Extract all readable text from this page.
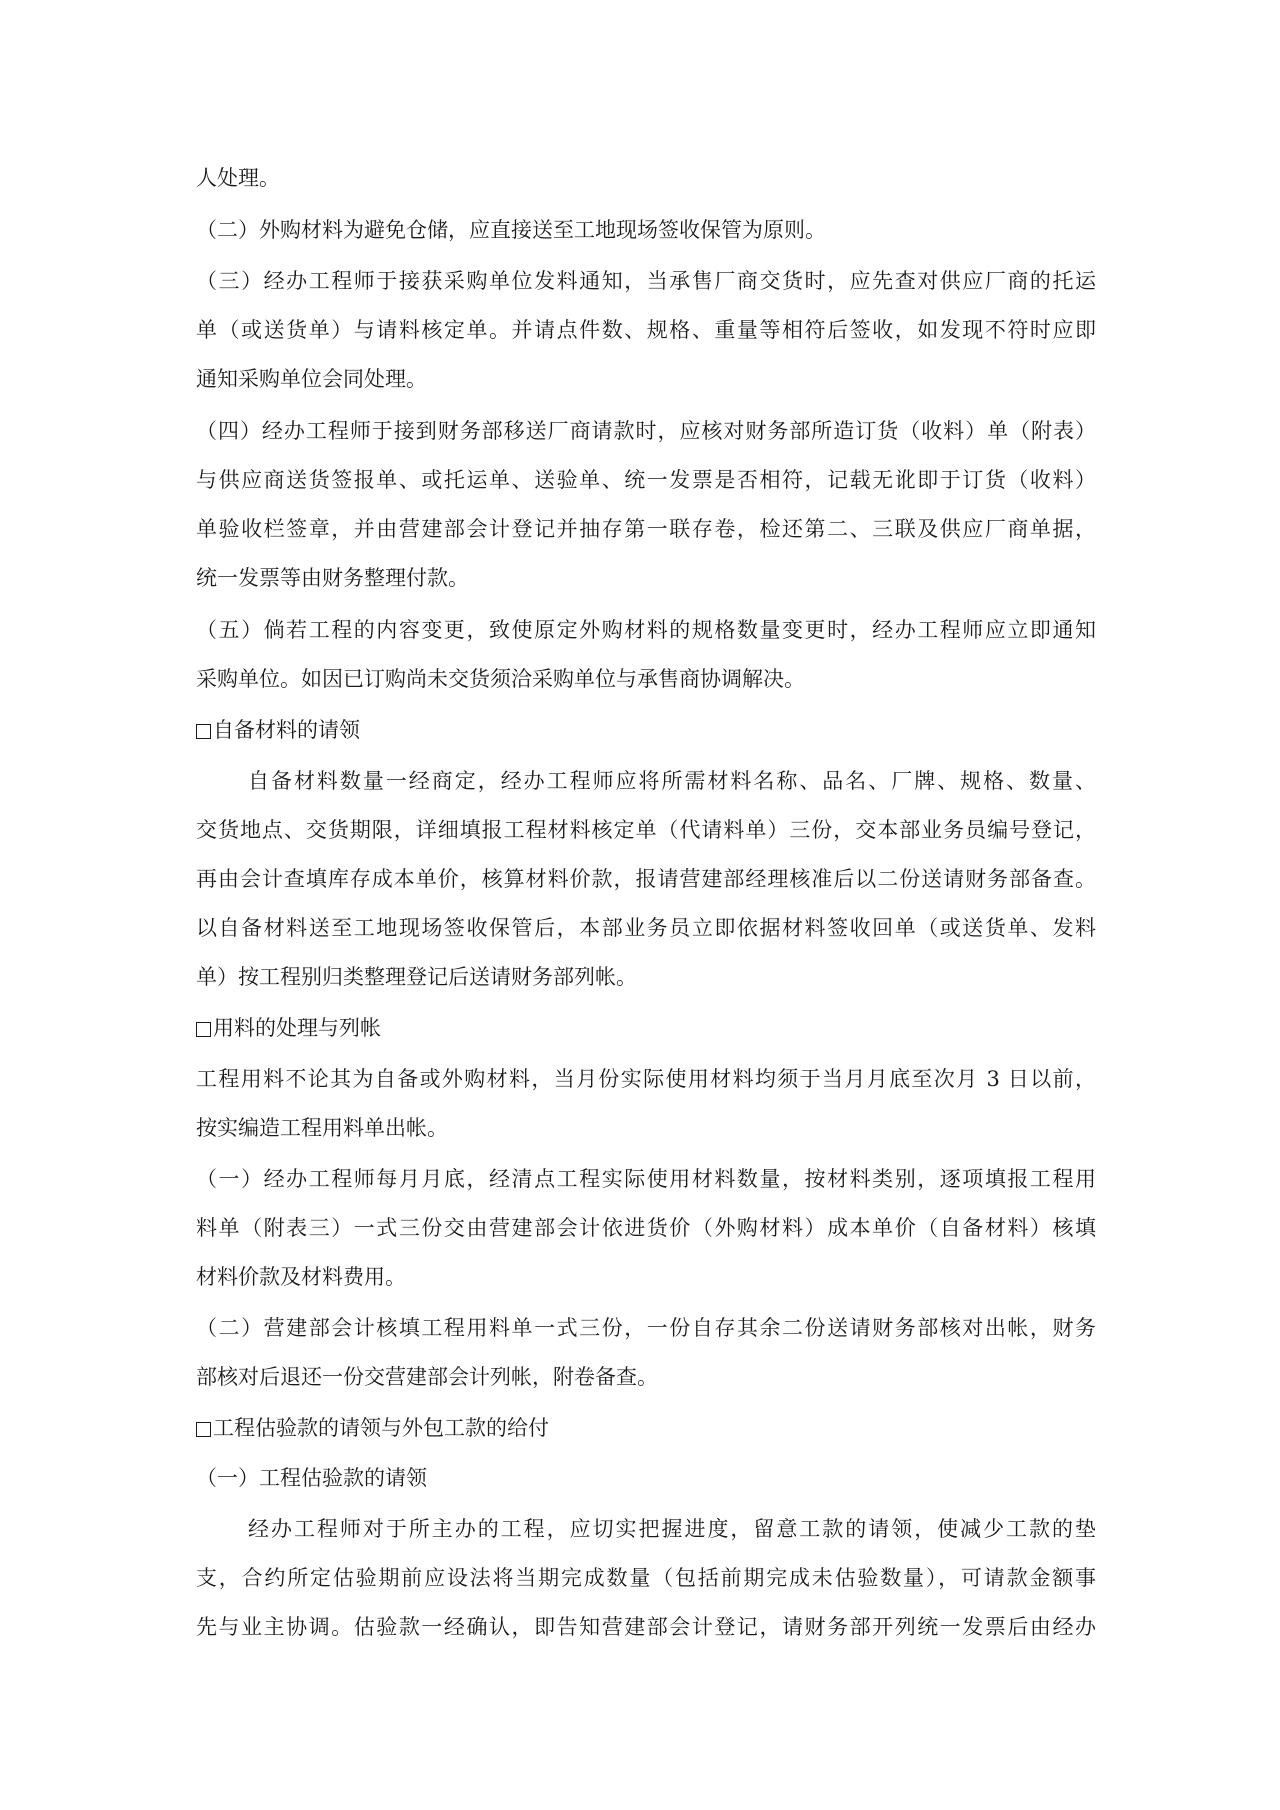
人处理。
（二）外购材料为避免仓储，应直接送至工地现场签收保管为原则。
（三）经办工程师于接获采购单位发料通知，当承售厂商交货时，应先查对供应厂商的托运
单（或送货单）与请料核定单。并请点件数、规格、重量等相符后签收，如发现不符时应即
通知采购单位会同处理。
（四）经办工程师于接到财务部移送厂商请款时，应核对财务部所造订货（收料）单（附表）
与供应商送货签报单、或托运单、送验单、统一发票是否相符，记载无讹即于订货（收料）
单验收栏签章，并由营建部会计登记并抽存第一联存卷，检还第二、三联及供应厂商单据，
统一发票等由财务整理付款。
（五）倘若工程的内容变更，致使原定外购材料的规格数量变更时，经办工程师应立即通知
采购单位。如因已订购尚未交货须洽采购单位与承售商协调解决。
自备材料的请领
自备材料数量一经商定，经办工程师应将所需材料名称、品名、厂牌、规格、数量、
交货地点、交货期限，详细填报工程材料核定单（代请料单）三份，交本部业务员编号登记，
再由会计查填库存成本单价，核算材料价款，报请营建部经理核准后以二份送请财务部备查。
以自备材料送至工地现场签收保管后，本部业务员立即依据材料签收回单（或送货单、发料
单）按工程别归类整理登记后送请财务部列帐。
用料的处理与列帐
工程用料不论其为自备或外购材料，当月份实际使用材料均须于当月月底至次月 3 日以前，
按实编造工程用料单出帐。
（一）经办工程师每月月底，经清点工程实际使用材料数量，按材料类别，逐项填报工程用
料单（附表三）一式三份交由营建部会计依进货价（外购材料）成本单价（自备材料）核填
材料价款及材料费用。
（二）营建部会计核填工程用料单一式三份，一份自存其余二份送请财务部核对出帐，财务
部核对后退还一份交营建部会计列帐，附卷备查。
工程估验款的请领与外包工款的给付
（一）工程估验款的请领
经办工程师对于所主办的工程，应切实把握进度，留意工款的请领，使减少工款的垫
支，合约所定估验期前应设法将当期完成数量（包括前期完成未估验数量），可请款金额事
先与业主协调。估验款一经确认，即告知营建部会计登记，请财务部开列统一发票后由经办
